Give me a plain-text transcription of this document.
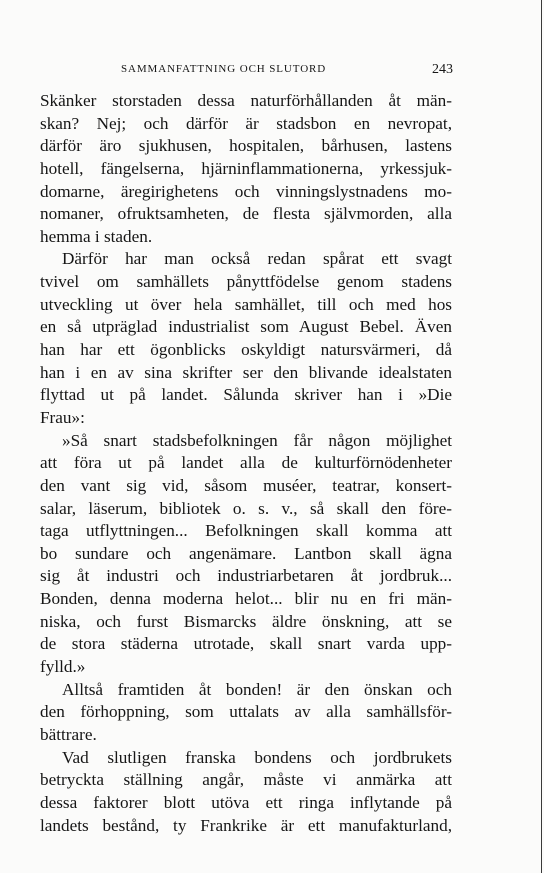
SAMMANFATTNING OCH SLUTORD	243
Skänker storstaden dessa naturförhållanden åt män-
skan? Nej; och därför är stadsbon en nevropat,
därför äro sjukhusen, hospitalen, bårhusen, lastens
hotell, fängelserna, hjärninflammationerna, yrkessjuk-
domarne, äregirighetens och vinningslystnadens mo-
nomaner, ofruktsamheten, de flesta självmorden, alla
hemma i staden.
Därför har man också redan spårat ett svagt
tvivel om samhällets pånyttfödelse genom stadens
utveckling ut över hela samhället, till och med hos
en så utpräglad industrialist som August Bebel. Även
han har ett ögonblicks oskyldigt natursvärmeri, då
han i en av sina skrifter ser den blivande idealstaten
flyttad ut på landet. Sålunda skriver han i »Die
Frau»:
»Så snart stadsbefolkningen får någon möjlighet
att föra ut på landet alla de kulturförnödenheter
den vant sig vid, såsom muséer, teatrar, konsert-
salar, läserum, bibliotek o. s. v., så skall den före-
taga utflyttningen... Befolkningen skall komma att
bo sundare och angenämare. Lantbon skall ägna
sig åt industri och industriarbetaren åt jordbruk...
Bonden, denna moderna helot... blir nu en fri män-
niska, och furst Bismarcks äldre önskning, att se
de stora städerna utrotade, skall snart varda upp-
fylld.»
Alltså framtiden åt bonden! är den önskan och
den förhoppning, som uttalats av alla samhällsför-
bättrare.
Vad slutligen franska bondens och jordbrukets
betryckta ställning angår, måste vi anmärka att
dessa faktorer blott utöva ett ringa inflytande på
landets bestånd, ty Frankrike är ett manufakturland,
